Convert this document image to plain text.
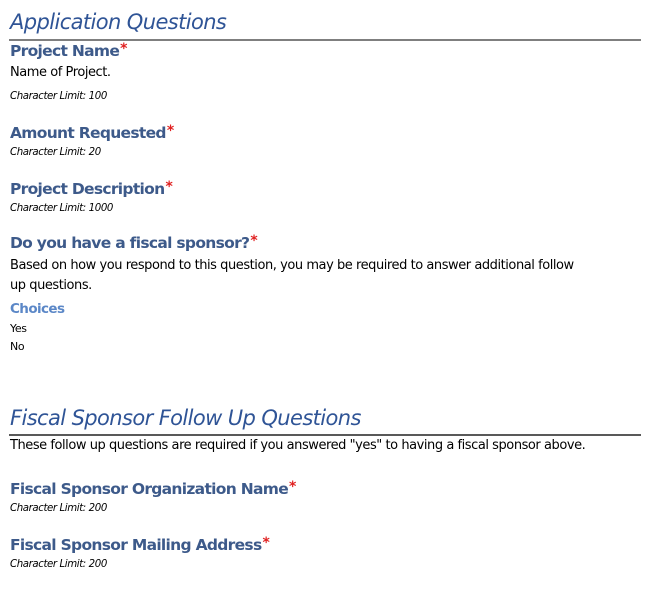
Application Questions
Project Name*
Name of Project.
Character Limit: 100
Amount Requested*
Character Limit: 20
Project Description*
Character Limit: 1000
Do you have a fiscal sponsor?*
Based on how you respond to this question, you may be required to answer additional follow
up questions.
Choices
Yes
No
Fiscal Sponsor Follow Up Questions
These follow up questions are required if you answered "yes" to having a fiscal sponsor above.
Fiscal Sponsor Organization Name*
Character Limit: 200
Fiscal Sponsor Mailing Address*
Character Limit: 200
